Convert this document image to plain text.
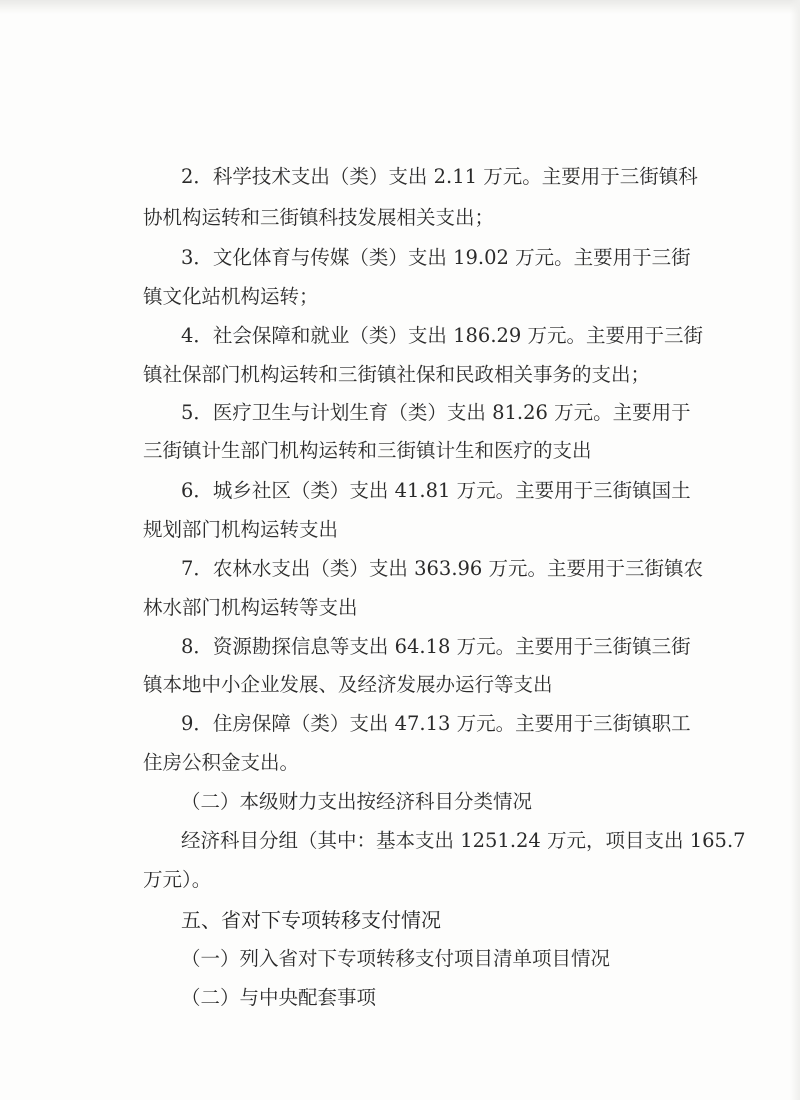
2．科学技术支出（类）支出 2.11 万元。主要用于三街镇科
协机构运转和三街镇科技发展相关支出；
3．文化体育与传媒（类）支出 19.02 万元。主要用于三街
镇文化站机构运转；
4．社会保障和就业（类）支出 186.29 万元。主要用于三街
镇社保部门机构运转和三街镇社保和民政相关事务的支出；
5．医疗卫生与计划生育（类）支出 81.26 万元。主要用于
三街镇计生部门机构运转和三街镇计生和医疗的支出
6．城乡社区（类）支出 41.81 万元。主要用于三街镇国土
规划部门机构运转支出
7．农林水支出（类）支出 363.96 万元。主要用于三街镇农
林水部门机构运转等支出
8．资源勘探信息等支出 64.18 万元。主要用于三街镇三街
镇本地中小企业发展、及经济发展办运行等支出
9．住房保障（类）支出 47.13 万元。主要用于三街镇职工
住房公积金支出。
（二）本级财力支出按经济科目分类情况
经济科目分组（其中：基本支出 1251.24 万元，项目支出 165.7
万元）。
五、省对下专项转移支付情况
（一）列入省对下专项转移支付项目清单项目情况
（二）与中央配套事项
